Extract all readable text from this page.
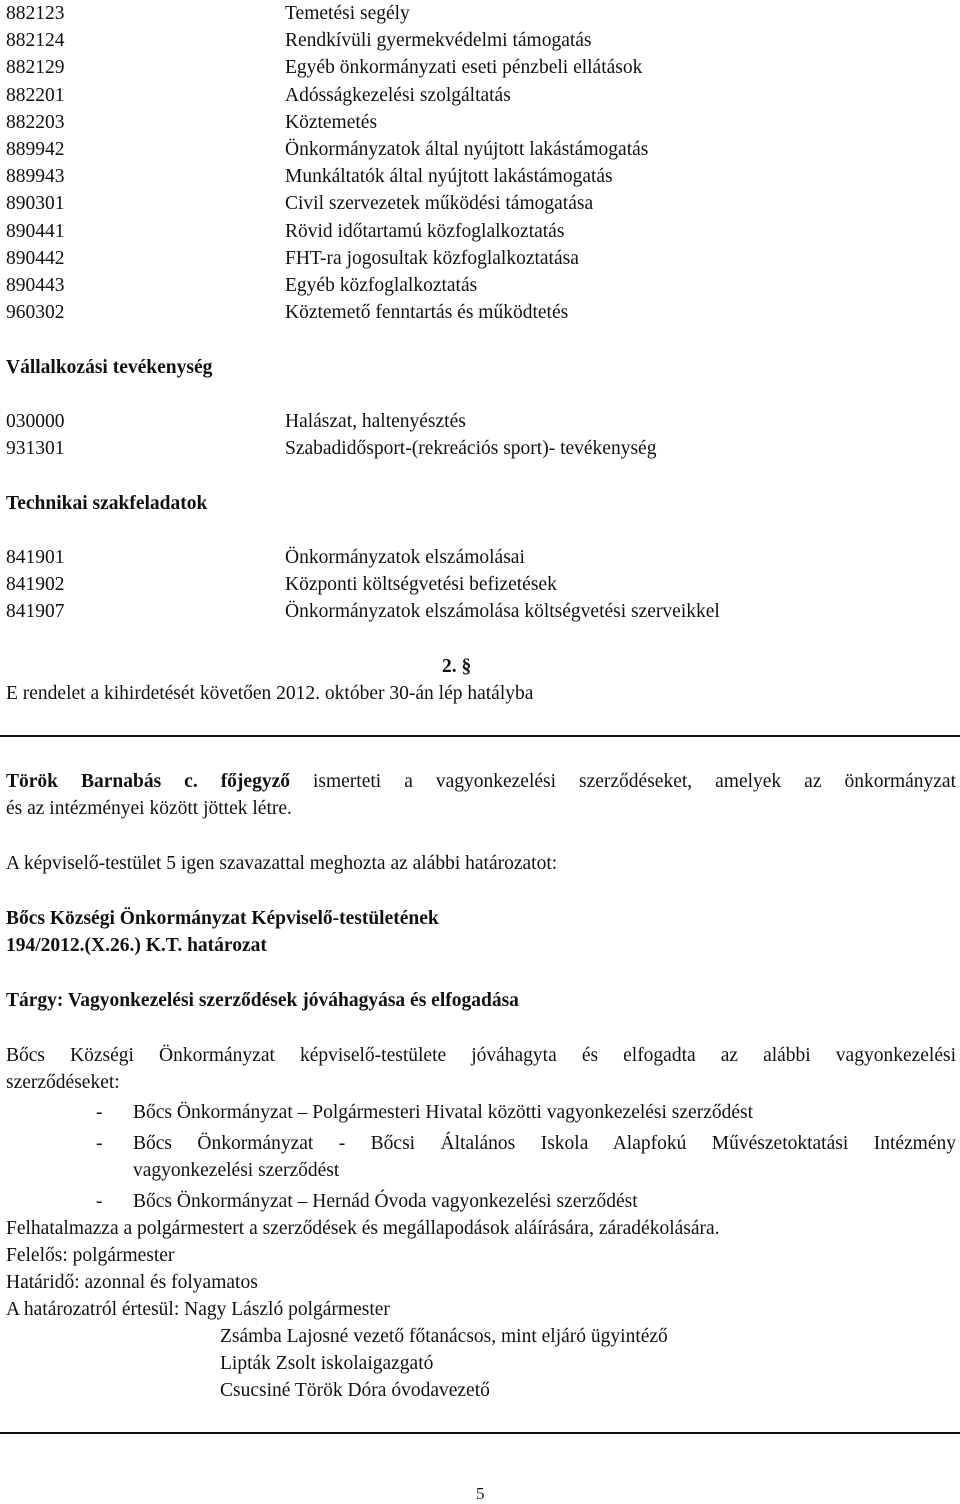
882123	Temetési segély
882124	Rendkívüli gyermekvédelmi támogatás
882129	Egyéb önkormányzati eseti pénzbeli ellátások
882201	Adósságkezelési szolgáltatás
882203	Köztemetés
889942	Önkormányzatok által nyújtott lakástámogatás
889943	Munkáltatók által nyújtott lakástámogatás
890301	Civil szervezetek működési támogatása
890441	Rövid időtartamú közfoglalkoztatás
890442	FHT-ra jogosultak közfoglalkoztatása
890443	Egyéb közfoglalkoztatás
960302	Köztemető fenntartás és működtetés
Vállalkozási tevékenység
030000	Halászat, haltenyésztés
931301	Szabadidősport-(rekreációs sport)- tevékenység
Technikai szakfeladatok
841901	Önkormányzatok elszámolásai
841902	Központi költségvetési befizetések
841907	Önkormányzatok elszámolása költségvetési szerveikkel
2. §
E rendelet a kihirdetését követően 2012. október 30-án lép hatályba
Török Barnabás c. főjegyző ismerteti a vagyonkezelési szerződéseket, amelyek az önkormányzat
és az intézményei között jöttek létre.
A képviselő-testület 5 igen szavazattal meghozta az alábbi határozatot:
Bőcs Községi Önkormányzat Képviselő-testületének
194/2012.(X.26.) K.T. határozat
Tárgy: Vagyonkezelési szerződések jóváhagyása és elfogadása
Bőcs Községi Önkormányzat képviselő-testülete jóváhagyta és elfogadta az alábbi vagyonkezelési
szerződéseket:
- Bőcs Önkormányzat – Polgármesteri Hivatal közötti vagyonkezelési szerződést
- Bőcs Önkormányzat - Bőcsi Általános Iskola Alapfokú Művészetoktatási Intézmény
vagyonkezelési szerződést
- Bőcs Önkormányzat – Hernád Óvoda vagyonkezelési szerződést
Felhatalmazza a polgármestert a szerződések és megállapodások aláírására, záradékolására.
Felelős: polgármester
Határidő: azonnal és folyamatos
A határozatról értesül: Nagy László polgármester
Zsámba Lajosné vezető főtanácsos, mint eljáró ügyintéző
Lipták Zsolt iskolaigazgató
Csucsiné Török Dóra óvodavezető
5
